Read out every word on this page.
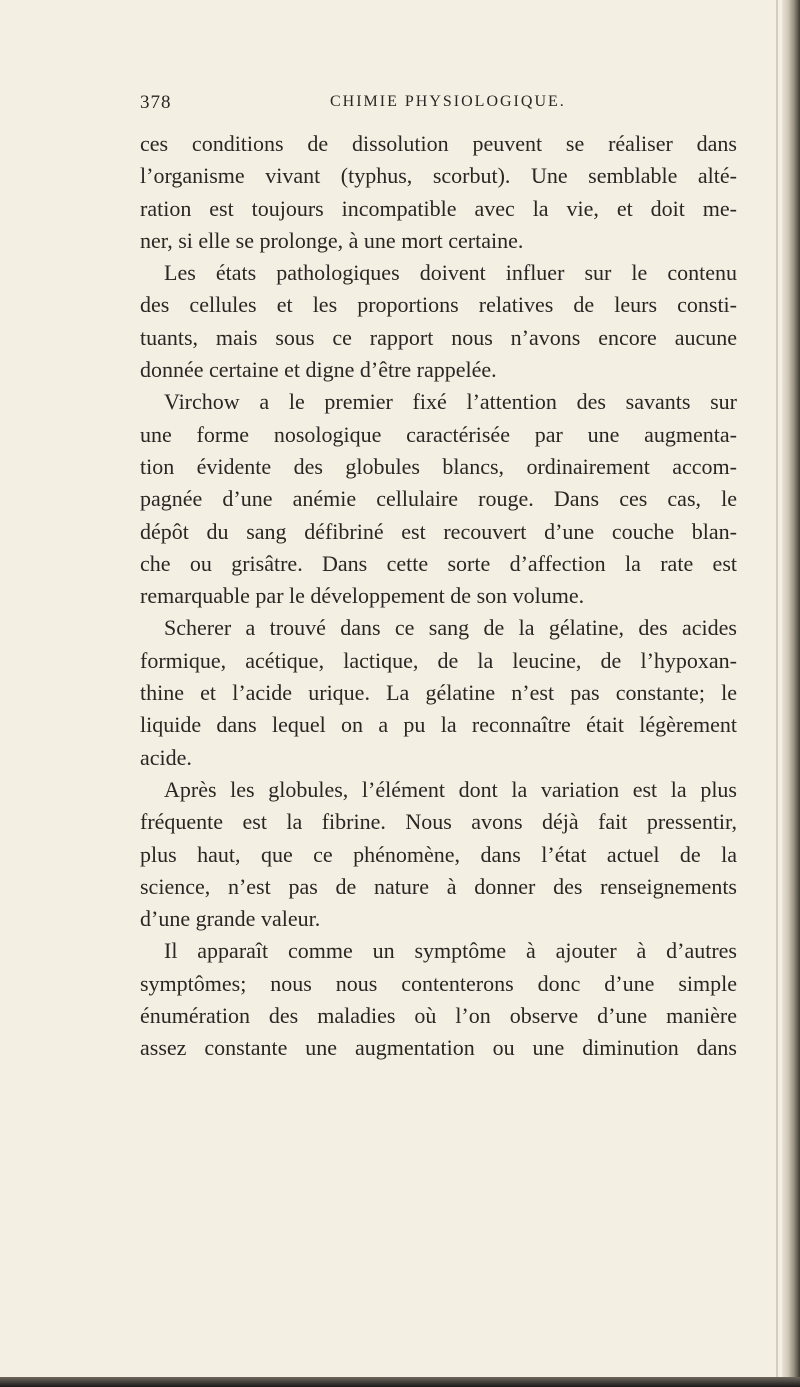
378	CHIMIE PHYSIOLOGIQUE.
ces conditions de dissolution peuvent se réaliser dans
l’organisme vivant (typhus, scorbut). Une semblable alté-
ration est toujours incompatible avec la vie, et doit me-
ner, si elle se prolonge, à une mort certaine.
Les états pathologiques doivent influer sur le contenu
des cellules et les proportions relatives de leurs consti-
tuants, mais sous ce rapport nous n’avons encore aucune
donnée certaine et digne d’être rappelée.
Virchow a le premier fixé l’attention des savants sur
une forme nosologique caractérisée par une augmenta-
tion évidente des globules blancs, ordinairement accom-
pagnée d’une anémie cellulaire rouge. Dans ces cas, le
dépôt du sang défibriné est recouvert d’une couche blan-
che ou grisâtre. Dans cette sorte d’affection la rate est
remarquable par le développement de son volume.
Scherer a trouvé dans ce sang de la gélatine, des acides
formique, acétique, lactique, de la leucine, de l’hypoxan-
thine et l’acide urique. La gélatine n’est pas constante; le
liquide dans lequel on a pu la reconnaître était légèrement
acide.
Après les globules, l’élément dont la variation est la plus
fréquente est la fibrine. Nous avons déjà fait pressentir,
plus haut, que ce phénomène, dans l’état actuel de la
science, n’est pas de nature à donner des renseignements
d’une grande valeur.
Il apparaît comme un symptôme à ajouter à d’autres
symptômes; nous nous contenterons donc d’une simple
énumération des maladies où l’on observe d’une manière
assez constante une augmentation ou une diminution dans
